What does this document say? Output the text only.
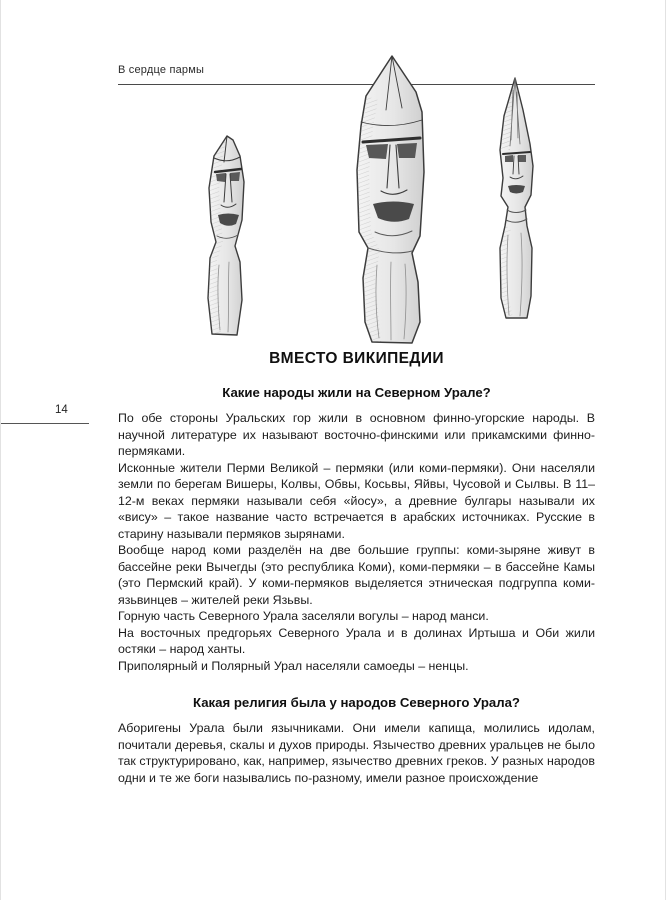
В сердце пармы
14
ВМЕСТО ВИКИПЕДИИ
Какие народы жили на Северном Урале?

По обе стороны Уральских гор жили в основном финно-угорские народы. В научной литературе их называют восточно-финскими или прикамскими финно-пермяками.

Исконные жители Перми Великой – пермяки (или коми-пермяки). Они населяли земли по берегам Вишеры, Колвы, Обвы, Косьвы, Яйвы, Чусовой и Сылвы. В 11–12-м веках пермяки называли себя «йосу», а древние булгары называли их «вису» – такое название часто встречается в арабских источниках. Русские в старину называли пермяков зырянами.

Вообще народ коми разделён на две большие группы: коми-зыряне живут в бассейне реки Вычегды (это республика Коми), коми-пермяки – в бассейне Камы (это Пермский край). У коми-пермяков выделяется этническая подгруппа коми-язьвинцев – жителей реки Язьвы.

Горную часть Северного Урала заселяли вогулы – народ манси.

На восточных предгорьях Северного Урала и в долинах Иртыша и Оби жили остяки – народ ханты.

Приполярный и Полярный Урал населяли самоеды – ненцы.

Какая религия была у народов Северного Урала?

Аборигены Урала были язычниками. Они имели капища, молились идолам, почитали деревья, скалы и духов природы. Язычество древних уральцев не было так структурировано, как, например, язычество древних греков. У разных народов одни и те же боги назывались по-разному, имели разное происхождение
